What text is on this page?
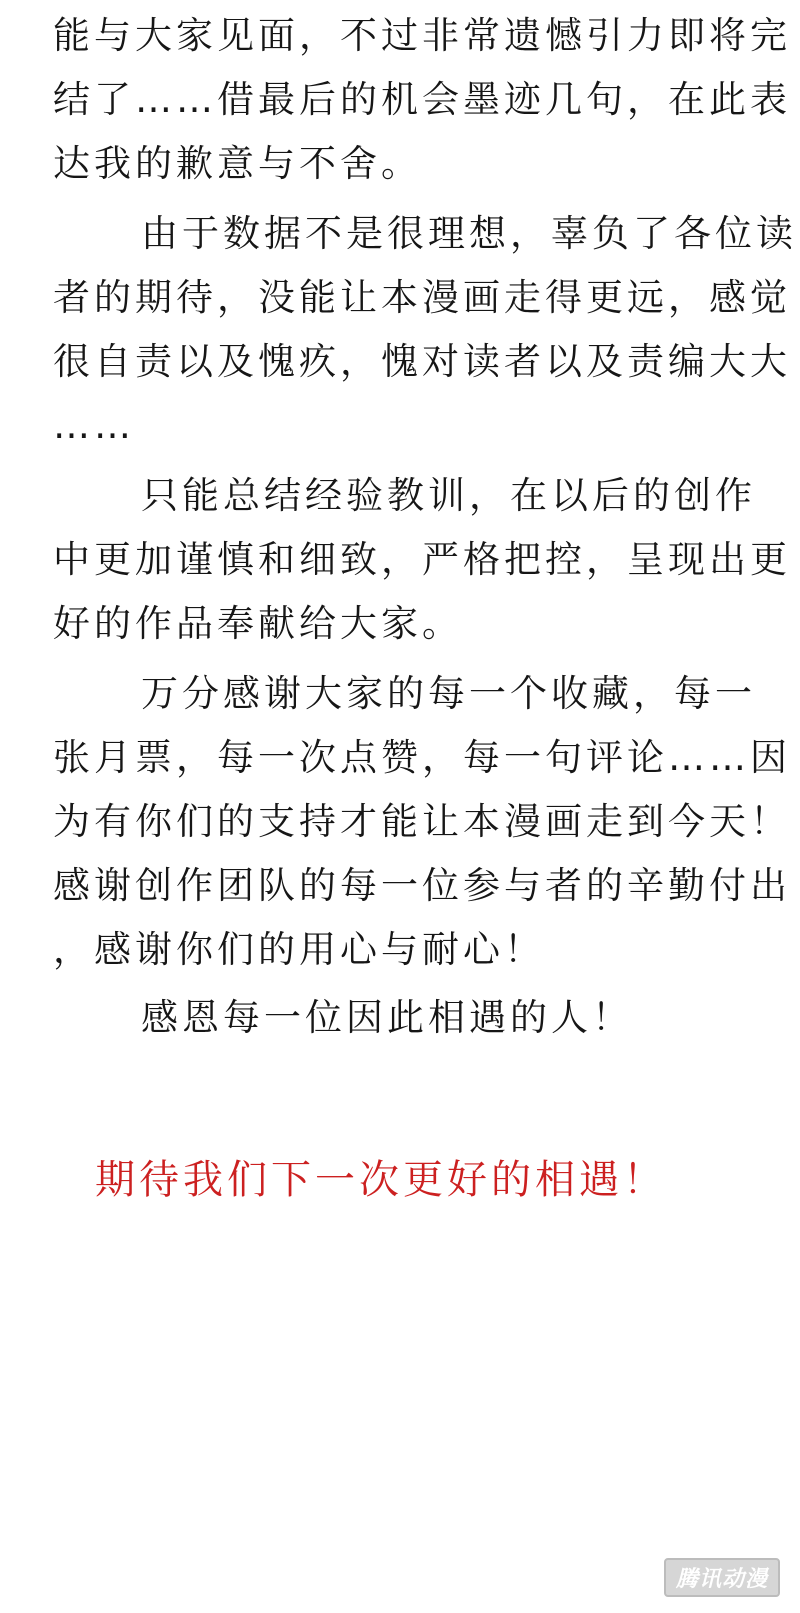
能与大家见面，不过非常遗憾引力即将完
结了……借最后的机会墨迹几句，在此表
达我的歉意与不舍。
由于数据不是很理想，辜负了各位读
者的期待，没能让本漫画走得更远，感觉
很自责以及愧疚，愧对读者以及责编大大
……
只能总结经验教训，在以后的创作
中更加谨慎和细致，严格把控，呈现出更
好的作品奉献给大家。
万分感谢大家的每一个收藏，每一
张月票，每一次点赞，每一句评论……因
为有你们的支持才能让本漫画走到今天！
感谢创作团队的每一位参与者的辛勤付出
，感谢你们的用心与耐心！
感恩每一位因此相遇的人！
期待我们下一次更好的相遇！
腾讯动漫
